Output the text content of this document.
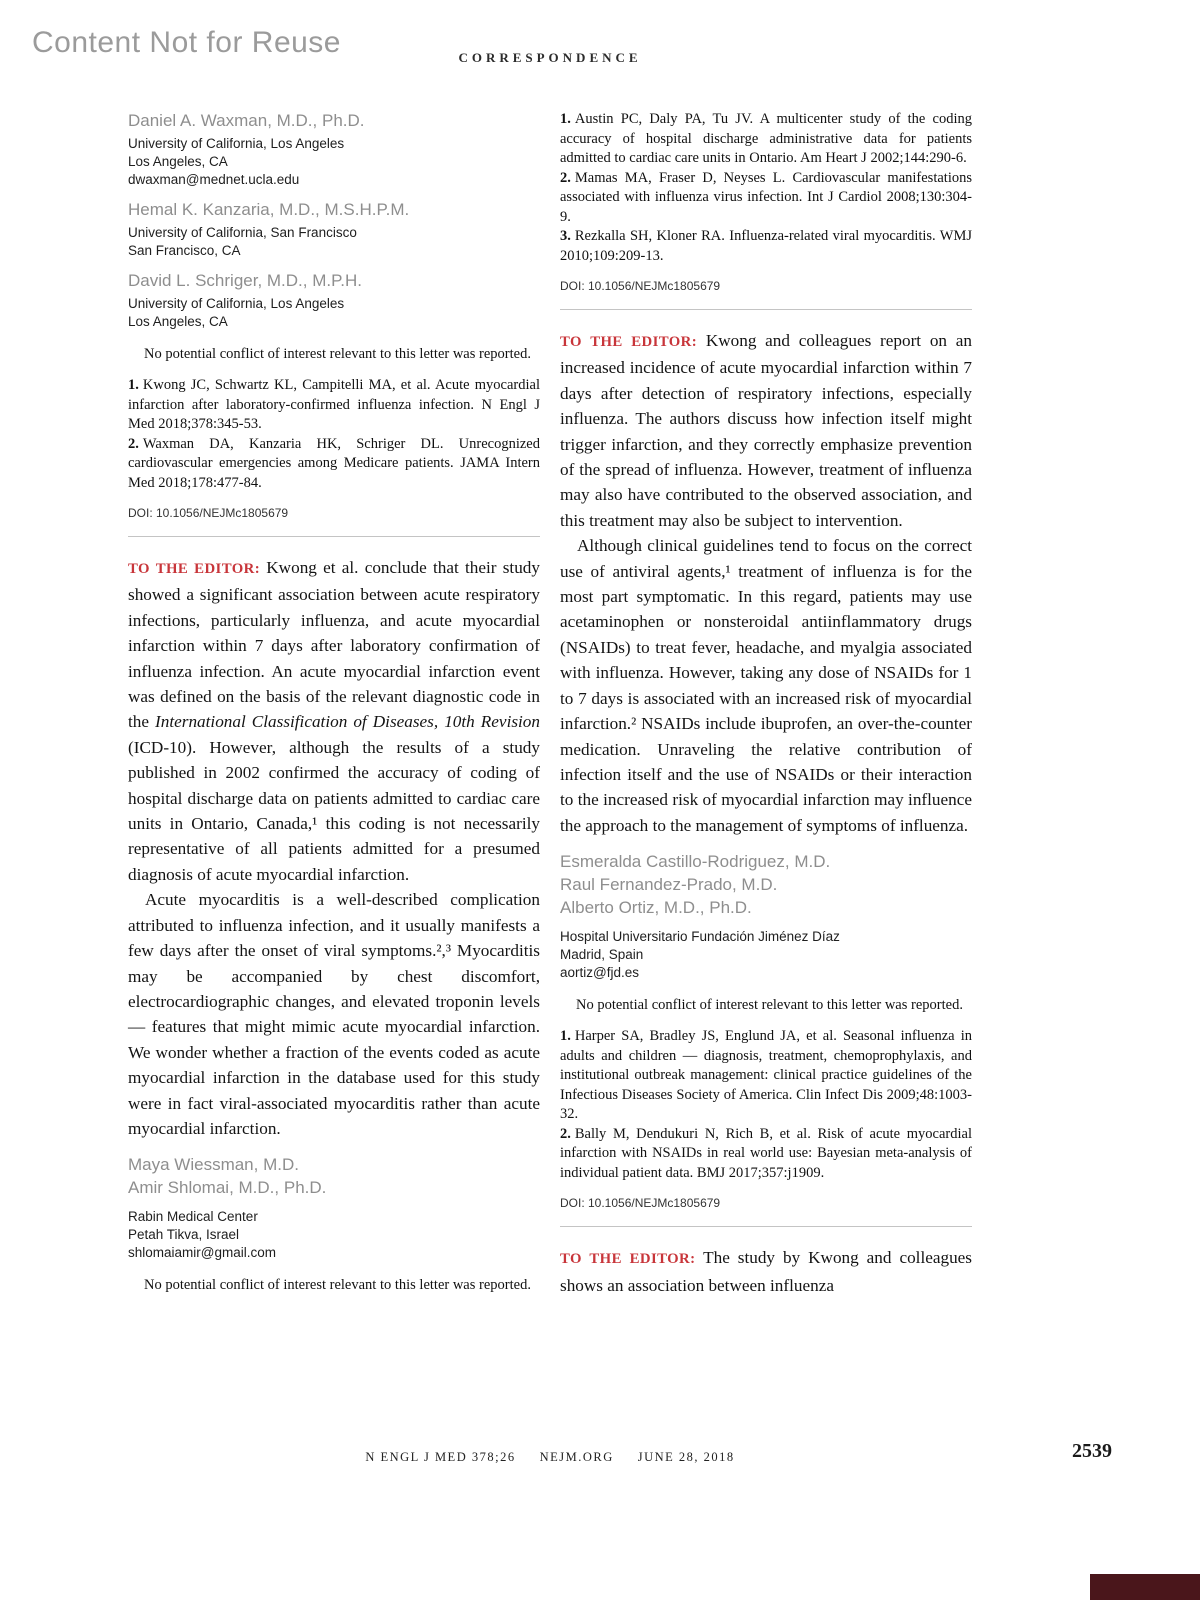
Content Not for Reuse	CORRESPONDENCE
Daniel A. Waxman, M.D., Ph.D.
University of California, Los Angeles
Los Angeles, CA
dwaxman@mednet.ucla.edu
Hemal K. Kanzaria, M.D., M.S.H.P.M.
University of California, San Francisco
San Francisco, CA
David L. Schriger, M.D., M.P.H.
University of California, Los Angeles
Los Angeles, CA

No potential conflict of interest relevant to this letter was reported.

1. Kwong JC, Schwartz KL, Campitelli MA, et al. Acute myocardial infarction after laboratory-confirmed influenza infection. N Engl J Med 2018;378:345-53.
2. Waxman DA, Kanzaria HK, Schriger DL. Unrecognized cardiovascular emergencies among Medicare patients. JAMA Intern Med 2018;178:477-84.
DOI: 10.1056/NEJMc1805679

TO THE EDITOR: Kwong et al. conclude that their study showed a significant association between acute respiratory infections, particularly influenza, and acute myocardial infarction within 7 days after laboratory confirmation of influenza infection. An acute myocardial infarction event was defined on the basis of the relevant diagnostic code in the International Classification of Diseases, 10th Revision (ICD-10). However, although the results of a study published in 2002 confirmed the accuracy of coding of hospital discharge data on patients admitted to cardiac care units in Ontario, Canada,¹ this coding is not necessarily representative of all patients admitted for a presumed diagnosis of acute myocardial infarction.

Acute myocarditis is a well-described complication attributed to influenza infection, and it usually manifests a few days after the onset of viral symptoms.²,³ Myocarditis may be accompanied by chest discomfort, electrocardiographic changes, and elevated troponin levels — features that might mimic acute myocardial infarction. We wonder whether a fraction of the events coded as acute myocardial infarction in the database used for this study were in fact viral-associated myocarditis rather than acute myocardial infarction.

Maya Wiessman, M.D.
Amir Shlomai, M.D., Ph.D.
Rabin Medical Center
Petah Tikva, Israel
shlomaiamir@gmail.com

No potential conflict of interest relevant to this letter was reported.

1. Austin PC, Daly PA, Tu JV. A multicenter study of the coding accuracy of hospital discharge administrative data for patients admitted to cardiac care units in Ontario. Am Heart J 2002;144:290-6.
2. Mamas MA, Fraser D, Neyses L. Cardiovascular manifestations associated with influenza virus infection. Int J Cardiol 2008;130:304-9.
3. Rezkalla SH, Kloner RA. Influenza-related viral myocarditis. WMJ 2010;109:209-13.
DOI: 10.1056/NEJMc1805679

TO THE EDITOR: Kwong and colleagues report on an increased incidence of acute myocardial infarction within 7 days after detection of respiratory infections, especially influenza. The authors discuss how infection itself might trigger infarction, and they correctly emphasize prevention of the spread of influenza. However, treatment of influenza may also have contributed to the observed association, and this treatment may also be subject to intervention.

Although clinical guidelines tend to focus on the correct use of antiviral agents,¹ treatment of influenza is for the most part symptomatic. In this regard, patients may use acetaminophen or nonsteroidal antiinflammatory drugs (NSAIDs) to treat fever, headache, and myalgia associated with influenza. However, taking any dose of NSAIDs for 1 to 7 days is associated with an increased risk of myocardial infarction.² NSAIDs include ibuprofen, an over-the-counter medication. Unraveling the relative contribution of infection itself and the use of NSAIDs or their interaction to the increased risk of myocardial infarction may influence the approach to the management of symptoms of influenza.

Esmeralda Castillo-Rodriguez, M.D.
Raul Fernandez-Prado, M.D.
Alberto Ortiz, M.D., Ph.D.
Hospital Universitario Fundación Jiménez Díaz
Madrid, Spain
aortiz@fjd.es

No potential conflict of interest relevant to this letter was reported.

1. Harper SA, Bradley JS, Englund JA, et al. Seasonal influenza in adults and children — diagnosis, treatment, chemoprophylaxis, and institutional outbreak management: clinical practice guidelines of the Infectious Diseases Society of America. Clin Infect Dis 2009;48:1003-32.
2. Bally M, Dendukuri N, Rich B, et al. Risk of acute myocardial infarction with NSAIDs in real world use: Bayesian meta-analysis of individual patient data. BMJ 2017;357:j1909.
DOI: 10.1056/NEJMc1805679

TO THE EDITOR: The study by Kwong and colleagues shows an association between influenza

N ENGL J MED 378;26 NEJM.ORG JUNE 28, 2018	2539
